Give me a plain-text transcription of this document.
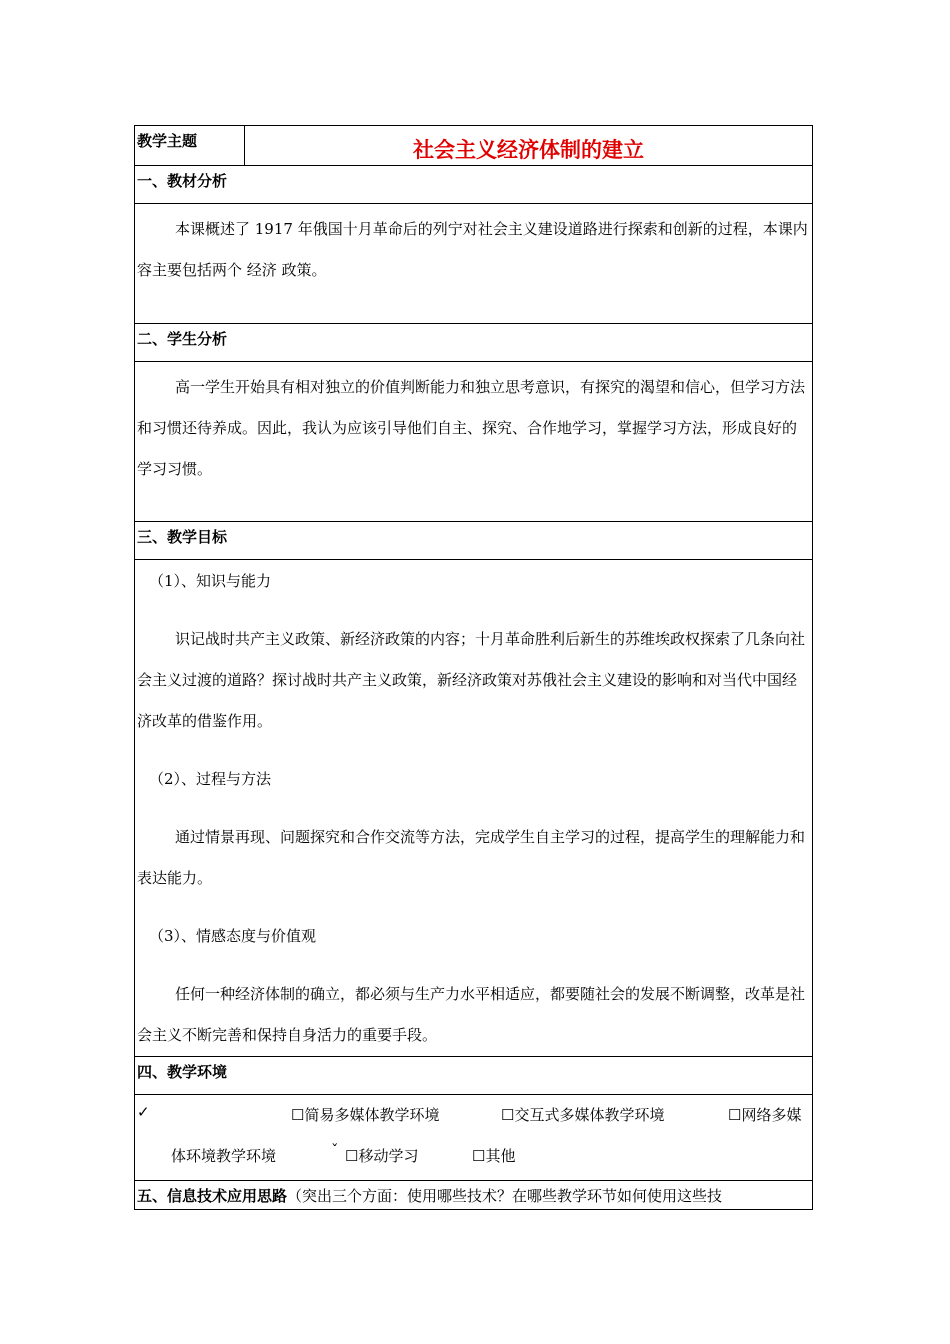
教学主题	社会主义经济体制的建立
一、教材分析
本课概述了 1917 年俄国十月革命后的列宁对社会主义建设道路进行探索和创新的过程，本课内容主要包括两个 经济 政策。
二、学生分析
高一学生开始具有相对独立的价值判断能力和独立思考意识，有探究的渴望和信心，但学习方法和习惯还待养成。因此，我认为应该引导他们自主、探究、合作地学习，掌握学习方法，形成良好的学习习惯。
三、教学目标
（1）、知识与能力
识记战时共产主义政策、新经济政策的内容；十月革命胜利后新生的苏维埃政权探索了几条向社会主义过渡的道路？探讨战时共产主义政策，新经济政策对苏俄社会主义建设的影响和对当代中国经济改革的借鉴作用。
（2）、过程与方法
通过情景再现、问题探究和合作交流等方法，完成学生自主学习的过程，提高学生的理解能力和表达能力。
（3）、情感态度与价值观
任何一种经济体制的确立，都必须与生产力水平相适应，都要随社会的发展不断调整，改革是社会主义不断完善和保持自身活力的重要手段。
四、教学环境
✓	☐简易多媒体教学环境	☐交互式多媒体教学环境	☐网络多媒
体环境教学环境	ˇ ☐移动学习	☐其他
五、信息技术应用思路（突出三个方面：使用哪些技术？在哪些教学环节如何使用这些技
